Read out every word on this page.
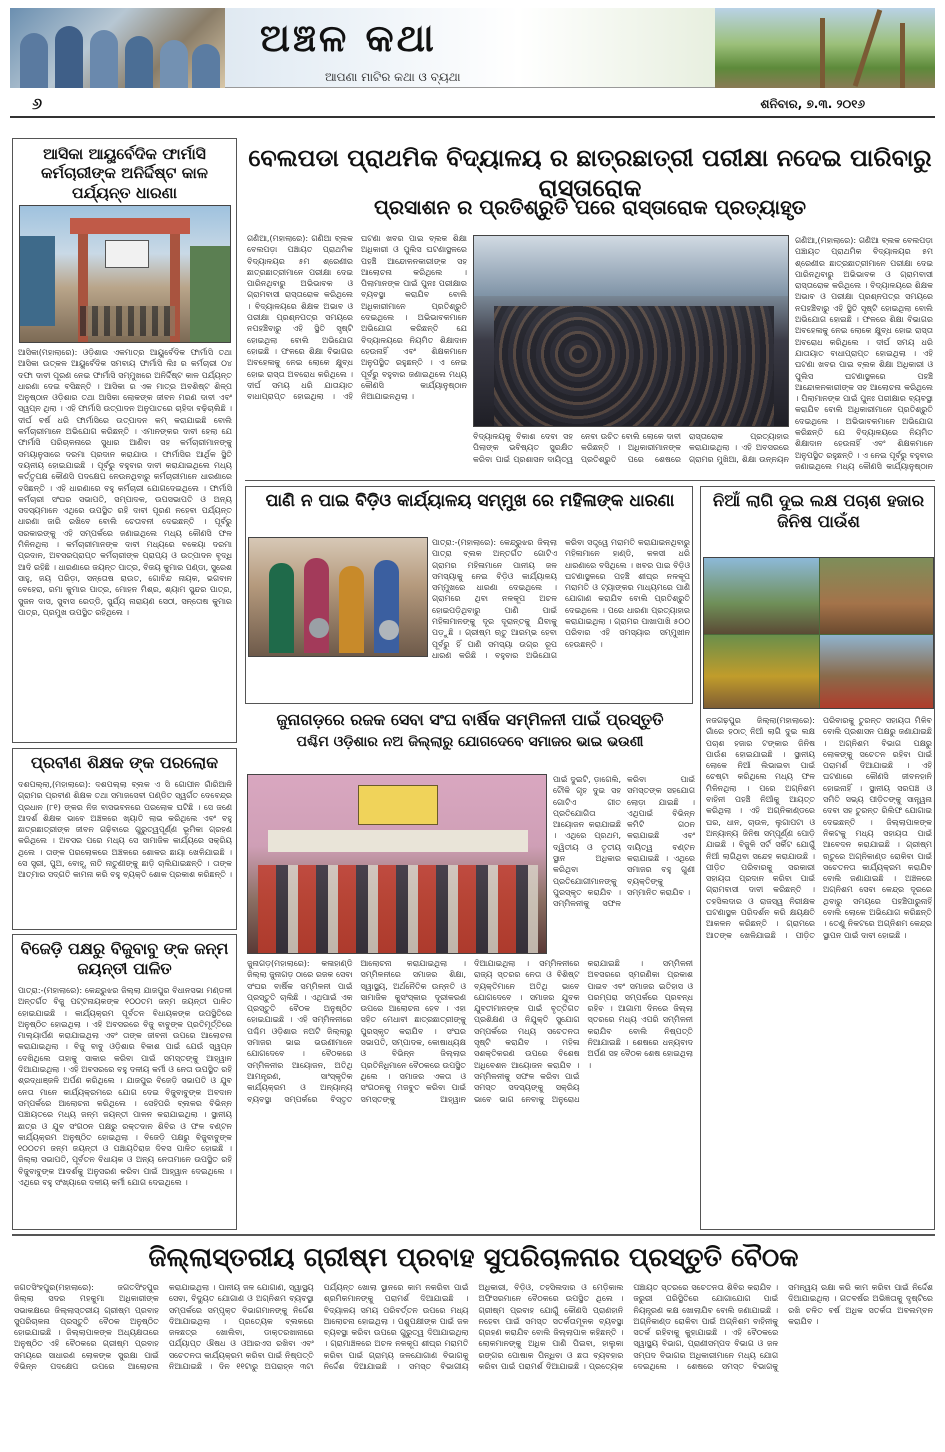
ଅଞ୍ଚଳ କଥା
ଆପଣା ମାଟିର କଥା ଓ ବ୍ୟଥା
୬	ଶନିବାର, ୭.୩. ୨୦୧୬
ଆସିକା ଆୟୁର୍ବେଦିକ ଫାର୍ମାସି କର୍ମଚାରୀଙ୍କ ଅନିର୍ଦ୍ଦିଷ୍ଟ କାଳ ପର୍ଯ୍ୟନ୍ତ ଧାରଣା
ଆସିକା(ମହାଲାରେ): ଓଡ଼ିଶାର ଏକମାତ୍ର ଆୟୁର୍ବେଦିକ ଫାର୍ମାସି ତଥା ଆସିକା ଉତ୍କଳ ଆୟୁର୍ବେଦିକ ସମବାୟ ଫାର୍ମାସି ଲିଃ ର କର୍ମଚାରୀ ୦୪ ଦଫା ଦାବୀ ପୂରଣ ନେଇ ଫାର୍ମାସି ସମ୍ମୁଖରେ ଅନିର୍ଦ୍ଦିଷ୍ଟ କାଳ ପର୍ଯ୍ୟନ୍ତ ଧାରଣା ଦେଇ ବସିଛନ୍ତି । ଆସିକା ର ଏକ ମାତ୍ର ଅବଶିଷ୍ଟ ଶିଳ୍ପ ଅନୁଷ୍ଠାନ ଓଡ଼ିଶାର ତଥା ଆସିକା ଲୋକଙ୍କ ଜୀବନ ମରଣ ଦାବୀ ଏବଂ ସ୍ୱପ୍ନ ଥିଲା । ଏହି ଫାର୍ମାସି ଉତ୍ପାଦନ ଅନୁପାତରେ ଚାହିଦା ବଢ଼ିଚାଲିଛି । ଦୀର୍ଘ ବର୍ଷ ଧରି ଫାର୍ମାସିରେ ଉତ୍ପାଦନ କମ୍ କରାଯାଇଛି ବୋଲି କର୍ମଚାରୀମାନେ ଅଭିଯୋଗ କରିଛନ୍ତି । ଏମାନଙ୍କର ଦାବୀ ହେଲା ଯେ ଫାର୍ମାସି ପରିଚାଳନାରେ ସୁଧାର ଆଣିବା ସହ କର୍ମଚାରୀମାନଙ୍କୁ ସମୟାନୁସାରେ ଦରମା ପ୍ରଦାନ କରାଯାଉ । ଫାର୍ମାସିର ଆର୍ଥିକ ସ୍ଥିତି ଦୟନୀୟ ହୋଇଯାଇଛି । ପୂର୍ବରୁ ବହୁବାର ଦାବୀ କରାଯାଇଥିଲେ ମଧ୍ୟ କର୍ତ୍ତୃପକ୍ଷ କୌଣସି ପଦକ୍ଷେପ ନେଉନଥିବାରୁ କର୍ମଚାରୀମାନେ ଧାରଣାରେ ବସିଛନ୍ତି । ଏହି ଧାରଣାରେ ବହୁ କର୍ମଚାରୀ ଯୋଗଦେଇଥିଲେ । ଫାର୍ମାସି କର୍ମଚାରୀ ସଂଘର ସଭାପତି, ସମ୍ପାଦକ, ଉପସଭାପତି ଓ ଅନ୍ୟ ସଦସ୍ୟମାନେ ଏଥିରେ ଉପସ୍ଥିତ ରହି ଦାବୀ ପୂରଣ ନହେବା ପର୍ଯ୍ୟନ୍ତ ଧାରଣା ଜାରି ରଖିବେ ବୋଲି ଚେତାବନୀ ଦେଇଛନ୍ତି । ପୂର୍ବରୁ ସରକାରଙ୍କୁ ଏହି ସମ୍ପର୍କରେ ଜଣାଇଥିଲେ ମଧ୍ୟ କୌଣସି ଫଳ ମିଳିନଥିଲା । କର୍ମଚାରୀମାନଙ୍କ ଦାବୀ ମଧ୍ୟରେ ବକେୟା ଦରମା ପ୍ରଦାନ, ଅବସରପ୍ରାପ୍ତ କର୍ମଚାରୀଙ୍କ ପ୍ରାପ୍ୟ ଓ ଉତ୍ପାଦନ ବୃଦ୍ଧି ଆଦି ରହିଛି । ଧାରଣାରେ ଜୟନ୍ତ ପାତ୍ର, ବିଜୟ କୁମାର ପଣ୍ଡା, ସୁରେଶ ସାହୁ, ଜୟ ପରିଡ଼ା, ସନ୍ତୋଷ ରାଉତ, ଗୋବିନ୍ଦ ନାୟକ, ଭଗବାନ ବେହେରା, ରମା କୁମାର ପାତ୍ର, ମୋହନ ମିଶ୍ର, ଶ୍ୟାମ ସୁନ୍ଦର ପାତ୍ର, ସୁଜନ ଦାସ, ସୁବାସ ରେଡ୍ଡି, ସୁର୍ଯ୍ୟ ନାରାୟଣ ସେଠୀ, ସନ୍ତୋଷ କୁମାର ପାତ୍ର, ପ୍ରମୁଖ ଉପସ୍ଥିତ ରହିଥିଲେ ।
ପ୍ରବୀଣ ଶିକ୍ଷକ ଙ୍କ ପରଲୋକ
ଦଶପଲ୍ଲା,(ମହାଲାରେ): ଦଶପଲ୍ଲା ବ୍ଲକ ଏ ସି ଗୋପୀନ ଗାଁରିଆଳି ଗ୍ରାମର ପ୍ରବୀଣ ଶିକ୍ଷକ ତଥା ସମାଜସେବୀ ପଣ୍ଡିତ ସ୍ୱର୍ଗତ ଦେବେନ୍ଦ୍ର ପ୍ରଧାନ (୮୧) ଙ୍କର ନିଜ ବାସଭବନରେ ପରଲୋକ ଘଟିଛି । ସେ ଜଣେ ଆଦର୍ଶ ଶିକ୍ଷକ ଭାବେ ଅଞ୍ଚଳରେ ଖ୍ୟାତି ଲାଭ କରିଥିଲେ ଏବଂ ବହୁ ଛାତ୍ରଛାତ୍ରୀଙ୍କ ଜୀବନ ଗଢ଼ିବାରେ ଗୁରୁତ୍ୱପୂର୍ଣ୍ଣ ଭୂମିକା ଗ୍ରହଣ କରିଥିଲେ । ଅବସର ପରେ ମଧ୍ୟ ସେ ସାମାଜିକ କାର୍ଯ୍ୟରେ ସକ୍ରିୟ ଥିଲେ । ତାଙ୍କ ପରଲୋକରେ ଅଞ୍ଚଳରେ ଶୋକର ଛାୟା ଖେଳିଯାଇଛି । ସେ ସ୍ତ୍ରୀ, ପୁଅ, ବୋହୂ, ନାତି ନାତୁଣୀଙ୍କୁ ଛାଡ଼ି ଚାଲିଯାଇଛନ୍ତି । ତାଙ୍କ ଆତ୍ମାର ସଦ୍ଗତି କାମନା କରି ବହୁ ବ୍ୟକ୍ତି ଶୋକ ପ୍ରକାଶ କରିଛନ୍ତି ।
ବିଜେଡ଼ି ପକ୍ଷରୁ ବିଜୁବାବୁ ଙ୍କ ଜନ୍ମ ଜୟନ୍ତୀ ପାଳିତ
ପାତ୍ରା:-(ମହାଲାରେ): କେନ୍ଦ୍ରୁଝର ଜିଲ୍ଲା ଯାଜପୁର ବିଧାନସଭା ମଣ୍ଡଳୀ ଅନ୍ତର୍ଗତ ବିଜୁ ପଟ୍ଟନାୟକଙ୍କ ୧୦୦ତମ ଜନ୍ମ ଜୟନ୍ତୀ ପାଳିତ ହୋଇଯାଇଛି । କାର୍ଯ୍ୟକ୍ରମ ପୂର୍ବତନ ବିଧାୟକଙ୍କ ଉପସ୍ଥିତିରେ ଅନୁଷ୍ଠିତ ହୋଇଥିଲା । ଏହି ଅବସରରେ ବିଜୁ ବାବୁଙ୍କ ପ୍ରତିମୂର୍ତ୍ତିରେ ମାଲ୍ୟାର୍ପଣ କରାଯାଇଥିଲା ଏବଂ ତାଙ୍କ ଜୀବନୀ ଉପରେ ଆଲୋଚନା କରାଯାଇଥିଲା । ବିଜୁ ବାବୁ ଓଡ଼ିଶାର ବିକାଶ ପାଇଁ ଯେଉଁ ସ୍ୱପ୍ନ ଦେଖିଥିଲେ ତାହାକୁ ସାକାର କରିବା ପାଇଁ ସମସ୍ତଙ୍କୁ ଆହ୍ୱାନ ଦିଆଯାଇଥିଲା । ଏହି ଅବସରରେ ବହୁ ଦଳୀୟ କର୍ମୀ ଓ ନେତା ଉପସ୍ଥିତ ରହି ଶ୍ରଦ୍ଧାଞ୍ଜଳି ଅର୍ପଣ କରିଥିଲେ । ଯାଜପୁର ବିଜେଡ଼ି ସଭାପତି ଓ ଯୁବ ନେତା ମାନେ କାର୍ଯ୍ୟକ୍ରମରେ ଯୋଗ ଦେଇ ବିଜୁବାବୁଙ୍କ ଅବଦାନ ସମ୍ପର୍କରେ ଆଲୋଚନା କରିଥିଲେ । ସେହିପରି ବ୍ଲକର ବିଭିନ୍ନ ପଞ୍ଚାୟତରେ ମଧ୍ୟ ଜନ୍ମ ଜୟନ୍ତୀ ପାଳନ କରାଯାଇଥିଲା । ସ୍ଥାନୀୟ ଛାତ୍ର ଓ ଯୁବ ସଂଗଠନ ପକ୍ଷରୁ ରକ୍ତଦାନ ଶିବିର ଓ ଫଳ ବଣ୍ଟନ କାର୍ଯ୍ୟକ୍ରମ ଅନୁଷ୍ଠିତ ହୋଇଥିଲା । ବିଜେଡ଼ି ପକ୍ଷରୁ ବିଜୁବାବୁଙ୍କ ୧୦୦ତମ ଜନ୍ମ ଜୟନ୍ତୀ ଓ ପଞ୍ଚାୟତିରାଜ ଦିବସ ପାଳିତ ହୋଇଛି । ଜିଲ୍ଲା ସଭାପତି, ପୂର୍ବତନ ବିଧାୟକ ଓ ଅନ୍ୟ ନେତାମାନେ ଉପସ୍ଥିତ ରହି ବିଜୁବାବୁଙ୍କ ଆଦର୍ଶକୁ ଅନୁସରଣ କରିବା ପାଇଁ ଆହ୍ୱାନ ଦେଇଥିଲେ । ଏଥିରେ ବହୁ ସଂଖ୍ୟାରେ ଦଳୀୟ କର୍ମୀ ଯୋଗ ଦେଇଥିଲେ ।
ବେଲପଡା ପ୍ରାଥମିକ ବିଦ୍ୟାଳୟ ର ଛାତ୍ରଛାତ୍ରୀ ପରୀକ୍ଷା ନଦେଇ ପାରିବାରୁ ରାସ୍ତାରୋକ
ପ୍ରସାଶନ ର ପ୍ରତିଶ୍ରୁତି ପରେ ରାସ୍ତାରୋକ ପ୍ରତ୍ୟାହୃତ
ଗଣିଆ,(ମହାଲାରେ): ଗଣିଆ ବ୍ଲକ ବେଲପଡ଼ା ପଞ୍ଚାୟତ ପ୍ରାଥମିକ ବିଦ୍ୟାଳୟର ୫ମ ଶ୍ରେଣୀର ଛାତ୍ରଛାତ୍ରୀମାନେ ପରୀକ୍ଷା ଦେଇ ପାରିନଥିବାରୁ ଅଭିଭାବକ ଓ ଗ୍ରାମବାସୀ ରାସ୍ତାରୋକ କରିଥିଲେ । ବିଦ୍ୟାଳୟରେ ଶିକ୍ଷକ ଅଭାବ ଓ ପରୀକ୍ଷା ପ୍ରଶ୍ନପତ୍ର ସମୟରେ ନପହଞ୍ଚିବାରୁ ଏହି ସ୍ଥିତି ସୃଷ୍ଟି ହୋଇଥିଲା ବୋଲି ଅଭିଯୋଗ ହୋଇଛି । ଫଳରେ ଶିକ୍ଷା ବିଭାଗର ଅବହେଳାକୁ ନେଇ ଲୋକେ କ୍ଷୁବ୍ଧ ହୋଇ ରାସ୍ତା ଅବରୋଧ କରିଥିଲେ । ଦୀର୍ଘ ସମୟ ଧରି ଯାତାୟାତ ବାଧାପ୍ରାପ୍ତ ହୋଇଥିଲା । ଏହି ଘଟଣା ଖବର ପାଇ ବ୍ଲକ ଶିକ୍ଷା ଅଧିକାରୀ ଓ ପୁଲିସ ଘଟଣାସ୍ଥଳରେ ପହଞ୍ଚି ଆନ୍ଦୋଳନକାରୀଙ୍କ ସହ ଆଲୋଚନା କରିଥିଲେ । ପିଲାମାନଙ୍କ ପାଇଁ ପୁନଃ ପରୀକ୍ଷାର ବ୍ୟବସ୍ଥା କରାଯିବ ବୋଲି ଅଧିକାରୀମାନେ ପ୍ରତିଶ୍ରୁତି ଦେଇଥିଲେ । ଅଭିଭାବକମାନେ ଅଭିଯୋଗ କରିଛନ୍ତି ଯେ ବିଦ୍ୟାଳୟରେ ନିୟମିତ ଶିକ୍ଷାଦାନ ହେଉନାହିଁ ଏବଂ ଶିକ୍ଷକମାନେ ଅନୁପସ୍ଥିତ ରହୁଛନ୍ତି । ଏ ନେଇ ପୂର୍ବରୁ ବହୁବାର ଜଣାଇଥିଲେ ମଧ୍ୟ କୌଣସି କାର୍ଯ୍ୟାନୁଷ୍ଠାନ ନିଆଯାଇନଥିଲା ।
ବିଦ୍ୟାଳୟକୁ ବିକାଶ ଦେବା ସହ ପିଲାଙ୍କ ଭବିଷ୍ୟତ ସୁରକ୍ଷିତ କରିବା ପାଇଁ ପ୍ରଶାସନ ଦାୟିତ୍ୱ ନେବା ଉଚିତ ବୋଲି ଲୋକେ ଦାବୀ କରିଛନ୍ତି । ଅଧିକାରୀମାନଙ୍କ ପ୍ରତିଶ୍ରୁତି ପରେ ଶେଷରେ ରାସ୍ତାରୋକ ପ୍ରତ୍ୟାହାର କରାଯାଇଥିଲା । ଏହି ଅବସରରେ ଗ୍ରାମର ମୁଖିଆ, ଶିକ୍ଷା ଉନ୍ନୟନ
ଗଣିଆ,(ମହାଲାରେ): ଗଣିଆ ବ୍ଲକ ବେଲପଡ଼ା ପଞ୍ଚାୟତ ପ୍ରାଥମିକ ବିଦ୍ୟାଳୟର ୫ମ ଶ୍ରେଣୀର ଛାତ୍ରଛାତ୍ରୀମାନେ ପରୀକ୍ଷା ଦେଇ ପାରିନଥିବାରୁ ଅଭିଭାବକ ଓ ଗ୍ରାମବାସୀ ରାସ୍ତାରୋକ କରିଥିଲେ । ବିଦ୍ୟାଳୟରେ ଶିକ୍ଷକ ଅଭାବ ଓ ପରୀକ୍ଷା ପ୍ରଶ୍ନପତ୍ର ସମୟରେ ନପହଞ୍ଚିବାରୁ ଏହି ସ୍ଥିତି ସୃଷ୍ଟି ହୋଇଥିଲା ବୋଲି ଅଭିଯୋଗ ହୋଇଛି । ଫଳରେ ଶିକ୍ଷା ବିଭାଗର ଅବହେଳାକୁ ନେଇ ଲୋକେ କ୍ଷୁବ୍ଧ ହୋଇ ରାସ୍ତା ଅବରୋଧ କରିଥିଲେ । ଦୀର୍ଘ ସମୟ ଧରି ଯାତାୟାତ ବାଧାପ୍ରାପ୍ତ ହୋଇଥିଲା । ଏହି ଘଟଣା ଖବର ପାଇ ବ୍ଲକ ଶିକ୍ଷା ଅଧିକାରୀ ଓ ପୁଲିସ ଘଟଣାସ୍ଥଳରେ ପହଞ୍ଚି ଆନ୍ଦୋଳନକାରୀଙ୍କ ସହ ଆଲୋଚନା କରିଥିଲେ । ପିଲାମାନଙ୍କ ପାଇଁ ପୁନଃ ପରୀକ୍ଷାର ବ୍ୟବସ୍ଥା କରାଯିବ ବୋଲି ଅଧିକାରୀମାନେ ପ୍ରତିଶ୍ରୁତି ଦେଇଥିଲେ । ଅଭିଭାବକମାନେ ଅଭିଯୋଗ କରିଛନ୍ତି ଯେ ବିଦ୍ୟାଳୟରେ ନିୟମିତ ଶିକ୍ଷାଦାନ ହେଉନାହିଁ ଏବଂ ଶିକ୍ଷକମାନେ ଅନୁପସ୍ଥିତ ରହୁଛନ୍ତି । ଏ ନେଇ ପୂର୍ବରୁ ବହୁବାର ଜଣାଇଥିଲେ ମଧ୍ୟ କୌଣସି କାର୍ଯ୍ୟାନୁଷ୍ଠାନ
ପାଣି ନ ପାଇ ବିଡ଼ିଓ କାର୍ଯ୍ୟାଳୟ ସମ୍ମୁଖ ରେ ମହିଳାଙ୍କ ଧାରଣା
ପାତ୍ରା:-(ମହାଲାରେ): କେନ୍ଦ୍ରୁଝର ଜିଲ୍ଲା ପାତ୍ରା ବ୍ଲକ ଅନ୍ତର୍ଗତ ଗୋଟିଏ ଗ୍ରାମର ମହିଳାମାନେ ପାନୀୟ ଜଳ ସମସ୍ୟାକୁ ନେଇ ବିଡ଼ିଓ କାର୍ଯ୍ୟାଳୟ ସମ୍ମୁଖରେ ଧାରଣା ଦେଇଥିଲେ । ଗ୍ରାମରେ ଥିବା ନଳକୂପ ଅଚଳ ହୋଇପଡ଼ିଥିବାରୁ ପାଣି ପାଇଁ ମହିଳାମାନଙ୍କୁ ଦୂର ଦୂରାନ୍ତକୁ ଯିବାକୁ ପଡ଼ୁଛି । ଗ୍ରୀଷ୍ମ ଋତୁ ଆରମ୍ଭ ହେବା ପୂର୍ବରୁ ହିଁ ପାଣି ସମସ୍ୟା ଉଗ୍ର ରୂପ ଧାରଣ କରିଛି । ବହୁବାର ଅଭିଯୋଗ କରିବା ସତ୍ତ୍ୱେ ମରାମତି କରାଯାଇନଥିବାରୁ ମହିଳାମାନେ ହାଣ୍ଡି, କଳସୀ ଧରି ଧାରଣାରେ ବସିଥିଲେ । ଖବର ପାଇ ବିଡ଼ିଓ ଘଟଣାସ୍ଥଳରେ ପହଞ୍ଚି ଶୀଘ୍ର ନଳକୂପ ମରାମତି ଓ ଟ୍ୟାଙ୍କର ମାଧ୍ୟମରେ ପାଣି ଯୋଗାଣ କରାଯିବ ବୋଲି ପ୍ରତିଶ୍ରୁତି ଦେଇଥିଲେ । ପରେ ଧାରଣା ପ୍ରତ୍ୟାହାର କରାଯାଇଥିଲା । ଗ୍ରାମର ପାଖାପାଖି ୫୦୦ ପରିବାର ଏହି ସମସ୍ୟାର ସମ୍ମୁଖୀନ ହେଉଛନ୍ତି ।
ନିଆଁ ଲାଗି ଦୁଇ ଲକ୍ଷ ପଚାଶ ହଜାର ଜିନିଷ ପାଉଁଶ
ନଜଗଢ଼ପୁର ଜିଲ୍ଲା(ମହାଲାରେ): ଗାଁରେ ହଠାତ୍ ନିଆଁ ଲାଗି ଦୁଇ ଲକ୍ଷ ପଚାଶ ହଜାର ଟଙ୍କାର ଜିନିଷ ପାଉଁଶ ହୋଇଯାଇଛି । ସ୍ଥାନୀୟ ଲୋକେ ନିଆଁ ଲିଭାଇବା ପାଇଁ ଚେଷ୍ଟା କରିଥିଲେ ମଧ୍ୟ ଫଳ ମିଳିନଥିଲା । ପରେ ଅଗ୍ନିଶମ ବାହିନୀ ପହଞ୍ଚି ନିଆଁକୁ ଆୟତ୍ତ କରିଥିଲା । ଏହି ଅଗ୍ନିକାଣ୍ଡରେ ଘର, ଧାନ, ଚାଉଳ, ଲୁଗାପଟା ଓ ଅନ୍ୟାନ୍ୟ ଜିନିଷ ସମ୍ପୂର୍ଣ୍ଣ ପୋଡ଼ି ଯାଇଛି । ବିଜୁଳି ସର୍ଟ ସର୍କିଟ ଯୋଗୁଁ ନିଆଁ ଲାଗିଥିବା ସନ୍ଦେହ କରାଯାଉଛି । ପୀଡ଼ିତ ପରିବାରକୁ ସରକାରୀ ସହାୟତା ପ୍ରଦାନ କରିବା ପାଇଁ ଗ୍ରାମବାସୀ ଦାବୀ କରିଛନ୍ତି । ତହସିଲଦାର ଓ ରାଜସ୍ୱ ନିରୀକ୍ଷକ ଘଟଣାସ୍ଥଳ ପରିଦର୍ଶନ କରି କ୍ଷୟକ୍ଷତି ଆକଳନ କରିଛନ୍ତି । ଗ୍ରାମରେ ଆତଙ୍କ ଖେଳିଯାଇଛି । ପୀଡ଼ିତ ପରିବାରକୁ ତୁରନ୍ତ ସହାୟତା ମିଳିବ ବୋଲି ପ୍ରଶାସନ ପକ୍ଷରୁ ଜଣାଯାଇଛି । ଅଗ୍ନିଶମ ବିଭାଗ ପକ୍ଷରୁ ଲୋକଙ୍କୁ ସଚେତନ ରହିବା ପାଇଁ ପରାମର୍ଶ ଦିଆଯାଇଛି । ଏହି ଘଟଣାରେ କୌଣସି ଜୀବନହାନି ହୋଇନାହିଁ । ସ୍ଥାନୀୟ ସରପଞ୍ଚ ଓ ସମିତି ସଭ୍ୟ ପୀଡ଼ିତଙ୍କୁ ସାନ୍ତ୍ୱନା ଦେବା ସହ ତୁରନ୍ତ ରିଲିଫ ଯୋଗାଇ ଦେଇଛନ୍ତି । ଜିଲ୍ଲାପାଳଙ୍କ ନିକଟକୁ ମଧ୍ୟ ସହାୟତା ପାଇଁ ଆବେଦନ କରାଯାଇଛି । ଗ୍ରୀଷ୍ମ ଋତୁରେ ଅଗ୍ନିକାଣ୍ଡ ରୋକିବା ପାଇଁ ସଚେତନତା କାର୍ଯ୍ୟକ୍ରମ କରାଯିବ ବୋଲି ଜଣାଯାଇଛି । ଅଞ୍ଚଳରେ ଅଗ୍ନିଶମ ସେବା କେନ୍ଦ୍ର ଦୂରରେ ଥିବାରୁ ସମୟରେ ପହଞ୍ଚିପାରୁନାହିଁ ବୋଲି ଲୋକେ ଅଭିଯୋଗ କରିଛନ୍ତି । ତେଣୁ ନିକଟରେ ଅଗ୍ନିଶମ କେନ୍ଦ୍ର ସ୍ଥାପନ ପାଇଁ ଦାବୀ ହୋଇଛି ।
ଜୁନାଗଡ଼ରେ ରଜକ ସେବା ସଂଘ ବାର୍ଷିକ ସମ୍ମିଳନୀ ପାଇଁ ପ୍ରସ୍ତୁତି
ପଶ୍ଚିମ ଓଡ଼ିଶାର ନଅ ଜିଲ୍ଲାରୁ ଯୋଗଦେବେ ସମାଜର ଭାଇ ଭଉଣୀ
ପାଇଁ ଦୁଇଟି, ଡ଼ାଗେଲି, ଟୌକି ଗୃହ ଦୁଇ ସହ ଗୋଟିଏ ଗୀତ ପ୍ରତିଯୋଗିତା ଆୟୋଜନ କରାଯାଇଛି । ଏଥିରେ ପ୍ରଥମ, ଦ୍ୱିତୀୟ ଓ ତୃତୀୟ ସ୍ଥାନ ଅଧିକାର କରିଥିବା ପ୍ରତିଯୋଗୀମାନଙ୍କୁ ପୁରସ୍କୃତ କରାଯିବ । ସମ୍ମିଳନୀକୁ ସଫଳ କରିବା ପାଇଁ ସମସ୍ତଙ୍କ ସହଯୋଗ ଲୋଡ଼ା ଯାଇଛି । ଏଥିପାଇଁ ବିଭିନ୍ନ କମିଟି ଗଠନ କରାଯାଇଛି ଏବଂ ଦାୟିତ୍ୱ ବଣ୍ଟନ କରାଯାଇଛି । ଏଥିରେ ସମାଜର ବହୁ ଗୁଣୀ ବ୍ୟକ୍ତିଙ୍କୁ ସମ୍ମାନିତ କରାଯିବ ।
ଜୁନାଗଡ଼(ମହାଲାରେ): କଳାହାଣ୍ଡି ଜିଲ୍ଲା ଜୁନାଗଡ଼ ଠାରେ ରଜକ ସେବା ସଂଘର ବାର୍ଷିକ ସମ୍ମିଳନୀ ପାଇଁ ପ୍ରସ୍ତୁତି ଚାଲିଛି । ଏଥିପାଇଁ ଏକ ପ୍ରସ୍ତୁତି ବୈଠକ ଅନୁଷ୍ଠିତ ହୋଇଯାଇଛି । ଏହି ସମ୍ମିଳନୀରେ ପଶ୍ଚିମ ଓଡ଼ିଶାର ନଅଟି ଜିଲ୍ଲାରୁ ସମାଜର ଭାଇ ଭଉଣୀମାନେ ଯୋଗଦେବେ । ବୈଠକରେ ସମ୍ମିଳନୀର ଆୟୋଜନ, ଅତିଥି ଆମନ୍ତ୍ରଣ, ସାଂସ୍କୃତିକ କାର୍ଯ୍ୟକ୍ରମ ଓ ଅନ୍ୟାନ୍ୟ ବ୍ୟବସ୍ଥା ସମ୍ପର୍କରେ ବିସ୍ତୃତ ଆଲୋଚନା କରାଯାଇଥିଲା । ସମ୍ମିଳନୀରେ ସମାଜର ଶିକ୍ଷା, ସ୍ୱାସ୍ଥ୍ୟ, ଅର୍ଥନୈତିକ ଉନ୍ନତି ଓ ସାମାଜିକ କୁସଂସ୍କାର ଦୂରୀକରଣ ଉପରେ ଆଲୋଚନା ହେବ । ଏହା ସହିତ ମେଧାବୀ ଛାତ୍ରଛାତ୍ରୀଙ୍କୁ ପୁରସ୍କୃତ କରାଯିବ । ସଂଘର ସଭାପତି, ସମ୍ପାଦକ, କୋଷାଧ୍ୟକ୍ଷ ଓ ବିଭିନ୍ନ ଜିଲ୍ଲାର ପ୍ରତିନିଧିମାନେ ବୈଠକରେ ଉପସ୍ଥିତ ଥିଲେ । ସମାଜର ଏକତା ଓ ସଂଗଠନକୁ ମଜବୁତ କରିବା ପାଇଁ ସମସ୍ତଙ୍କୁ ଆହ୍ୱାନ ଦିଆଯାଇଥିଲା । ସମ୍ମିଳନୀରେ ରାଜ୍ୟ ସ୍ତରର ନେତା ଓ ବିଶିଷ୍ଟ ବ୍ୟକ୍ତିମାନେ ଅତିଥି ଭାବେ ଯୋଗଦେବେ । ସମାଜର ଯୁବକ ଯୁବତୀମାନଙ୍କ ପାଇଁ ବୃତ୍ତିଗତ ପ୍ରଶିକ୍ଷଣ ଓ ନିଯୁକ୍ତି ସୁଯୋଗ ସମ୍ପର୍କରେ ମଧ୍ୟ ସଚେତନତା ସୃଷ୍ଟି କରାଯିବ । ମହିଳା ସଶକ୍ତିକରଣ ଉପରେ ବିଶେଷ ଅଧିବେଶନ ଆୟୋଜନ କରାଯିବ । ସମ୍ମିଳନୀକୁ ସଫଳ କରିବା ପାଇଁ ସମସ୍ତ ସଦସ୍ୟଙ୍କୁ ସକ୍ରିୟ ଭାବେ ଭାଗ ନେବାକୁ ଅନୁରୋଧ କରାଯାଇଛି । ସମ୍ମିଳନୀ ଅବସରରେ ସ୍ମରଣିକା ପ୍ରକାଶ ପାଇବ ଏବଂ ସମାଜର ଇତିହାସ ଓ ପରମ୍ପରା ସମ୍ପର୍କରେ ପ୍ରବନ୍ଧ ରହିବ । ଆଗାମୀ ଦିନରେ ଜିଲ୍ଲା ସ୍ତରରେ ମଧ୍ୟ ଏପରି ସମ୍ମିଳନୀ କରାଯିବ ବୋଲି ନିଷ୍ପତ୍ତି ନିଆଯାଇଛି । ଶେଷରେ ଧନ୍ୟବାଦ ଅର୍ପଣ ସହ ବୈଠକ ଶେଷ ହୋଇଥିଲା ।
ଜିଲ୍ଲାସ୍ତରୀୟ ଗ୍ରୀଷ୍ମ ପ୍ରବାହ ସୁପରିଚାଳନାର ପ୍ରସ୍ତୁତି ବୈଠକ
ଜଗତସିଂହପୁର(ମହାଲାରେ): ଜଗତସିଂହପୁର ଜିଲ୍ଲା ସଦର ମହକୁମା ଅଧିକାରୀଙ୍କ ସଭାକକ୍ଷରେ ଜିଲ୍ଲାସ୍ତରୀୟ ଗ୍ରୀଷ୍ମ ପ୍ରବାହ ସୁପରିଚାଳନା ପ୍ରସ୍ତୁତି ବୈଠକ ଅନୁଷ୍ଠିତ ହୋଇଯାଇଛି । ଜିଲ୍ଲାପାଳଙ୍କ ଅଧ୍ୟକ୍ଷତାରେ ଅନୁଷ୍ଠିତ ଏହି ବୈଠକରେ ଗ୍ରୀଷ୍ମ ପ୍ରବାହ ସମୟରେ ସାଧାରଣ ଲୋକଙ୍କ ସୁରକ୍ଷା ପାଇଁ ବିଭିନ୍ନ ପଦକ୍ଷେପ ଉପରେ ଆଲୋଚନା କରାଯାଇଥିଲା । ପାନୀୟ ଜଳ ଯୋଗାଣ, ସ୍ୱାସ୍ଥ୍ୟ ସେବା, ବିଦ୍ୟୁତ ଯୋଗାଣ ଓ ଅଗ୍ନିଶମ ବ୍ୟବସ୍ଥା ସମ୍ପର୍କରେ ସମ୍ପୃକ୍ତ ବିଭାଗମାନଙ୍କୁ ନିର୍ଦ୍ଦେଶ ଦିଆଯାଇଥିଲା । ପ୍ରତ୍ୟେକ ବ୍ଲକରେ ଜଳଛତ୍ର ଖୋଲିବା, ଡାକ୍ତରଖାନାରେ ପର୍ଯ୍ୟାପ୍ତ ଔଷଧ ଓ ଓଆରଏସ ରଖିବା ଏବଂ ସଚେତନତା କାର୍ଯ୍ୟକ୍ରମ କରିବା ପାଇଁ ନିଷ୍ପତ୍ତି ନିଆଯାଇଛି । ଦିନ ୧୧ଟାରୁ ଅପରାହ୍ନ ୩ଟା ପର୍ଯ୍ୟନ୍ତ ଖୋଲା ସ୍ଥାନରେ କାମ ନକରିବା ପାଇଁ ଶ୍ରମିକମାନଙ୍କୁ ପରାମର୍ଶ ଦିଆଯାଇଛି । ବିଦ୍ୟାଳୟ ସମୟ ପରିବର୍ତ୍ତନ ଉପରେ ମଧ୍ୟ ଆଲୋଚନା ହୋଇଥିଲା । ପଶୁପକ୍ଷୀଙ୍କ ପାଇଁ ଜଳ ବ୍ୟବସ୍ଥା କରିବା ଉପରେ ଗୁରୁତ୍ୱ ଦିଆଯାଇଥିଲା । ଗ୍ରାମାଞ୍ଚଳରେ ଅଚଳ ନଳକୂପ ଶୀଘ୍ର ମରାମତି କରିବା ପାଇଁ ଗ୍ରାମ୍ୟ ଜଳଯୋଗାଣ ବିଭାଗକୁ ନିର୍ଦ୍ଦେଶ ଦିଆଯାଇଛି । ସମସ୍ତ ବିଭାଗୀୟ ଅଧିକାରୀ, ବିଡ଼ିଓ, ତହସିଲଦାର ଓ ମେଡ଼ିକାଲ ଅଫିସରମାନେ ବୈଠକରେ ଉପସ୍ଥିତ ଥିଲେ । ଗ୍ରୀଷ୍ମ ପ୍ରବାହ ଯୋଗୁଁ କୌଣସି ପ୍ରାଣହାନି ନହେବା ପାଇଁ ସମସ୍ତ ସତର୍କତାମୂଳକ ବ୍ୟବସ୍ଥା ଗ୍ରହଣ କରାଯିବ ବୋଲି ଜିଲ୍ଲାପାଳ କହିଛନ୍ତି । ଲୋକମାନଙ୍କୁ ଅଧିକ ପାଣି ପିଇବା, ହାଲୁକା ରଙ୍ଗର ପୋଷାକ ପିନ୍ଧିବା ଓ ଛତା ବ୍ୟବହାର କରିବା ପାଇଁ ପରାମର୍ଶ ଦିଆଯାଇଛି । ପ୍ରତ୍ୟେକ ପଞ୍ଚାୟତ ସ୍ତରରେ ସଚେତନତା ଶିବିର କରାଯିବ । ଜରୁରୀ ପରିସ୍ଥିତିରେ ଯୋଗାଯୋଗ ପାଇଁ ନିୟନ୍ତ୍ରଣ କକ୍ଷ ଖୋଲାଯିବ ବୋଲି ଜଣାଯାଇଛି । ଅଗ୍ନିକାଣ୍ଡ ରୋକିବା ପାଇଁ ଅଗ୍ନିଶମ ବାହିନୀକୁ ସତର୍କ ରହିବାକୁ କୁହାଯାଇଛି । ଏହି ବୈଠକରେ ସ୍ୱାସ୍ଥ୍ୟ ବିଭାଗ, ପ୍ରାଣୀସମ୍ପଦ ବିଭାଗ ଓ ଜଳ ସମ୍ପଦ ବିଭାଗର ଅଧିକାରୀମାନେ ମଧ୍ୟ ଯୋଗ ଦେଇଥିଲେ । ଶେଷରେ ସମସ୍ତ ବିଭାଗକୁ ସମନ୍ୱୟ ରକ୍ଷା କରି କାମ କରିବା ପାଇଁ ନିର୍ଦ୍ଦେଶ ଦିଆଯାଇଥିଲା । ଗତବର୍ଷର ଅଭିଜ୍ଞତାକୁ ଦୃଷ୍ଟିରେ ରଖି ଚଳିତ ବର୍ଷ ଅଧିକ ସତର୍କତା ଅବଲମ୍ବନ କରାଯିବ ।
